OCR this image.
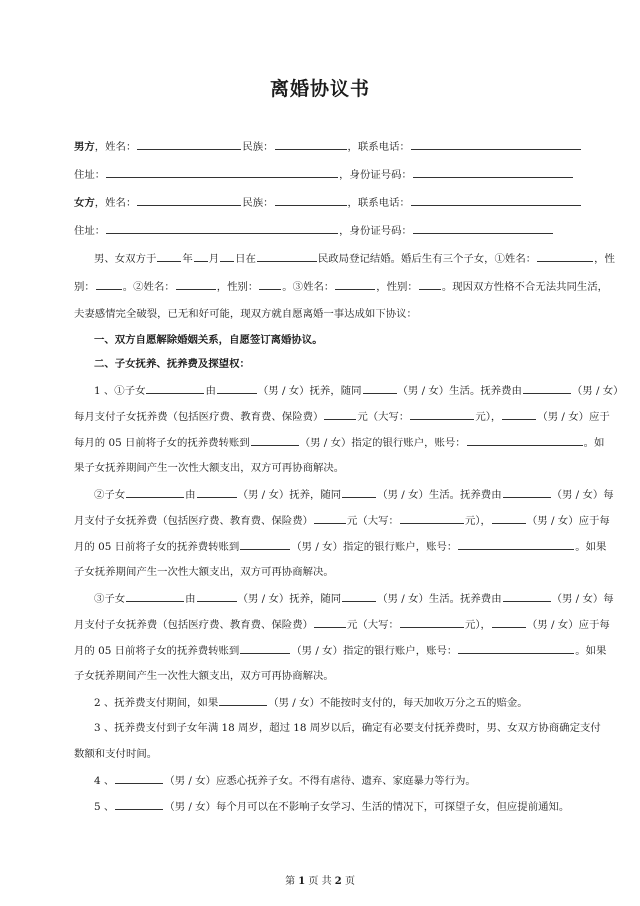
离婚协议书
男方，姓名：	民族：	，联系电话：
住址：	，身份证号码：
女方，姓名：	民族：	，联系电话：
住址：	，身份证号码：
男、女双方于	年 月 日在	民政局登记结婚。婚后生有三个子女，①姓名：	，性
别：	。②姓名：	，性别： 。③姓名：	，性别： 。现因双方性格不合无法共同生活，
夫妻感情完全破裂，已无和好可能，现双方就自愿离婚一事达成如下协议：
一、双方自愿解除婚姻关系，自愿签订离婚协议。
二、子女抚养、抚养费及探望权：
1 、①子女	由	（男 / 女）抚养，随同	（男 / 女）生活。抚养费由	（男 / 女）
每月支付子女抚养费（包括医疗费、教育费、保险费）	元（大写：	元），	（男 / 女）应于
每月的 05 日前将子女的抚养费转账到	（男 / 女）指定的银行账户，账号：	。如
果子女抚养期间产生一次性大额支出，双方可再协商解决。
②子女	由	（男 / 女）抚养，随同	（男 / 女）生活。抚养费由	（男 / 女）每
月支付子女抚养费（包括医疗费、教育费、保险费）	元（大写：	元），	（男 / 女）应于每
月的 05 日前将子女的抚养费转账到	（男 / 女）指定的银行账户，账号：	。如果
子女抚养期间产生一次性大额支出，双方可再协商解决。
③子女	由	（男 / 女）抚养，随同	（男 / 女）生活。抚养费由	（男 / 女）每
月支付子女抚养费（包括医疗费、教育费、保险费）	元（大写：	元），	（男 / 女）应于每
月的 05 日前将子女的抚养费转账到	（男 / 女）指定的银行账户，账号：	。如果
子女抚养期间产生一次性大额支出，双方可再协商解决。
2 、抚养费支付期间，如果	（男 / 女）不能按时支付的，每天加收万分之五的赔金。
3 、抚养费支付到子女年满 18 周岁，超过 18 周岁以后，确定有必要支付抚养费时，男、女双方协商确定支付
数额和支付时间。
4 、	（男 / 女）应悉心抚养子女。不得有虐待、遗弃、家庭暴力等行为。
5 、	（男 / 女）每个月可以在不影响子女学习、生活的情况下，可探望子女，但应提前通知。
第 1 页 共 2 页
